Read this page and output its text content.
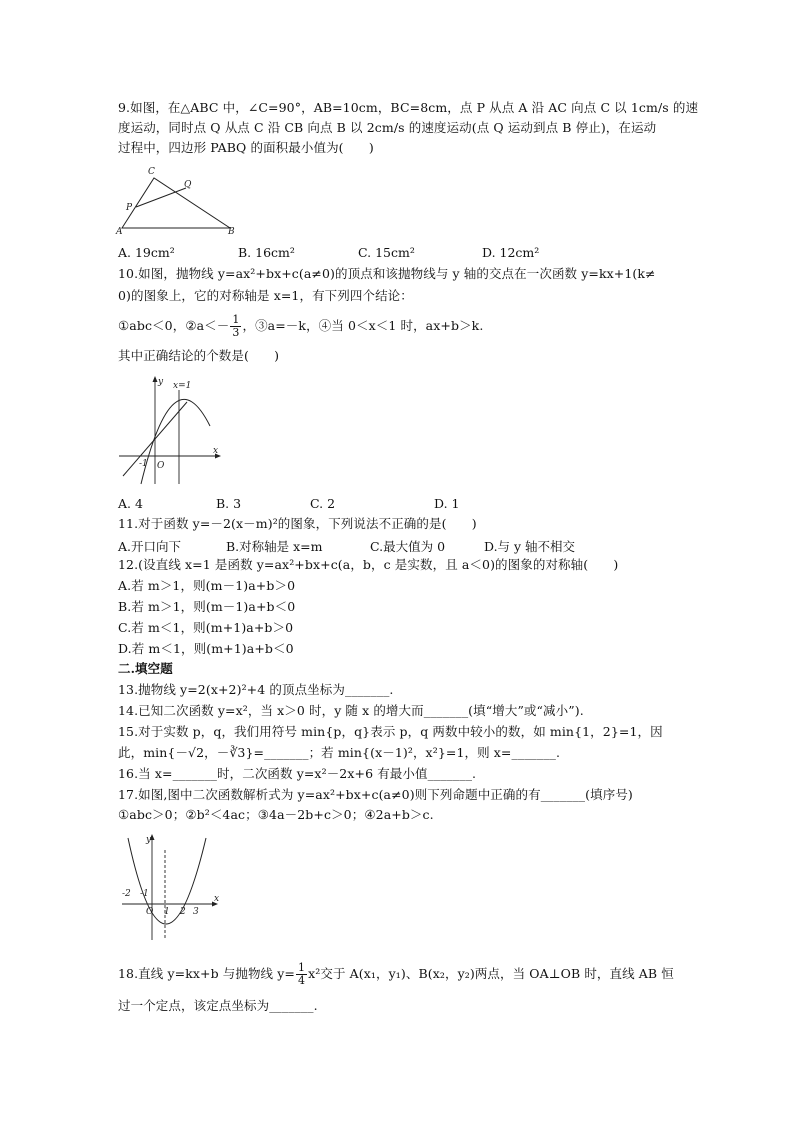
9.如图，在△ABC 中，∠C=90°，AB=10cm，BC=8cm，点 P 从点 A 沿 AC 向点 C 以 1cm/s 的速
度运动，同时点 Q 从点 C 沿 CB 向点 B 以 2cm/s 的速度运动(点 Q 运动到点 B 停止)，在运动
过程中，四边形 PABQ 的面积最小值为(　　)
C
Q
P
A	B
A. 19cm²	B. 16cm²	C. 15cm²	D. 12cm²
10.如图，抛物线 y=ax²+bx+c(a≠0)的顶点和该抛物线与 y 轴的交点在一次函数 y=kx+1(k≠
0)的图象上，它的对称轴是 x=1，有下列四个结论：
①abc＜0，②a＜－ $\frac{1}{3}$ ，③a=－k，④当 0＜x＜1 时，ax+b＞k.
其中正确结论的个数是(　　)
y
x
x=1
-1 O
A. 4	B. 3	C. 2	D. 1
11.对于函数 y=－2(x－m)²的图象，下列说法不正确的是(　　)
A.开口向下	B.对称轴是 x=m	C.最大值为 0	D.与 y 轴不相交
12.(设直线 x=1 是函数 y=ax²+bx+c(a，b，c 是实数，且 a＜0)的图象的对称轴(　　)
A.若 m＞1，则(m－1)a+b＞0
B.若 m＞1，则(m－1)a+b＜0
C.若 m＜1，则(m+1)a+b＞0
D.若 m＜1，则(m+1)a+b＜0
二.填空题
13.抛物线 y=2(x+2)²+4 的顶点坐标为_______.
14.已知二次函数 y=x²，当 x＞0 时，y 随 x 的增大而_______(填“增大”或“减小”).
15.对于实数 p，q，我们用符号 min{p，q}表示 p，q 两数中较小的数，如 min{1，2}=1，因
此，min{－√2，－∛3}=_______；若 min{(x－1)²，x²}=1，则 x=_______.
16.当 x=_______时，二次函数 y=x²－2x+6 有最小值_______.
17.如图,图中二次函数解析式为 y=ax²+bx+c(a≠0)则下列命题中正确的有_______(填序号)
①abc＞0；②b²＜4ac；③4a－2b+c＞0；④2a+b＞c.
y
x
-2 -1
O 1 2 3
18.直线 y=kx+b 与抛物线 $y= \frac{1}{4} x^2$交于 A(x₁，y₁)、B(x₂，y₂)两点，当 OA⊥OB 时，直线 AB 恒
过一个定点，该定点坐标为_______.
